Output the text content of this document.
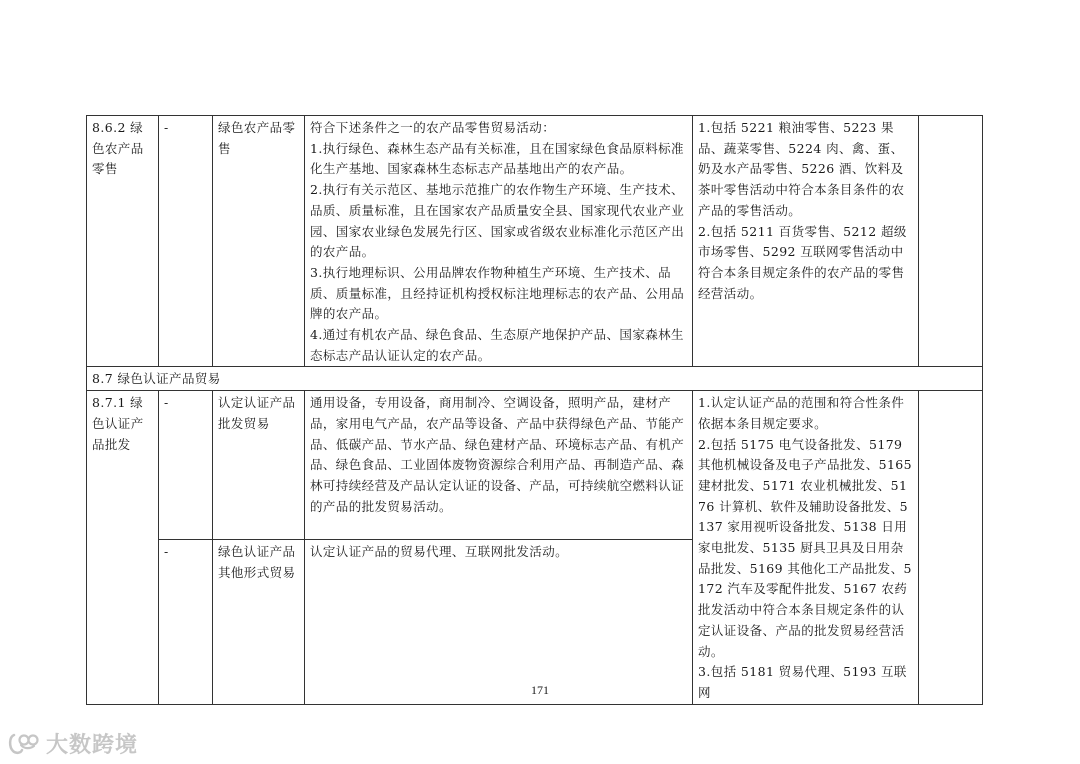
8.6.2 绿色农产品零售	-	绿色农产品零售	符合下述条件之一的农产品零售贸易活动：
1.执行绿色、森林生态产品有关标准，且在国家绿色食品原料标准化生产基地、国家森林生态标志产品基地出产的农产品。
2.执行有关示范区、基地示范推广的农作物生产环境、生产技术、品质、质量标准，且在国家农产品质量安全县、国家现代农业产业园、国家农业绿色发展先行区、国家或省级农业标准化示范区产出的农产品。
3.执行地理标识、公用品牌农作物种植生产环境、生产技术、品质、质量标准，且经持证机构授权标注地理标志的农产品、公用品牌的农产品。
4.通过有机农产品、绿色食品、生态原产地保护产品、国家森林生态标志产品认证认定的农产品。	1.包括 5221 粮油零售、5223 果品、蔬菜零售、5224 肉、禽、蛋、奶及水产品零售、5226 酒、饮料及茶叶零售活动中符合本条目条件的农产品的零售活动。
2.包括 5211 百货零售、5212 超级市场零售、5292 互联网零售活动中符合本条目规定条件的农产品的零售经营活动。	
8.7 绿色认证产品贸易					
8.7.1 绿色认证产品批发	-	认定认证产品批发贸易	通用设备，专用设备，商用制冷、空调设备，照明产品，建材产品，家用电气产品，农产品等设备、产品中获得绿色产品、节能产品、低碳产品、节水产品、绿色建材产品、环境标志产品、有机产品、绿色食品、工业固体废物资源综合利用产品、再制造产品、森林可持续经营及产品认定认证的设备、产品，可持续航空燃料认证的产品的批发贸易活动。	1.认定认证产品的范围和符合性条件依据本条目规定要求。
2.包括 5175 电气设备批发、5179 其他机械设备及电子产品批发、5165 建材批发、5171 农业机械批发、5176 计算机、软件及辅助设备批发、5137 家用视听设备批发、5138 日用家电批发、5135 厨具卫具及日用杂品批发、5169 其他化工产品批发、5172 汽车及零配件批发、5167 农药批发活动中符合本条目规定条件的认定认证设备、产品的批发贸易经营活动。
3.包括 5181 贸易代理、5193 互联网	
	-	绿色认证产品其他形式贸易	认定认证产品的贸易代理、互联网批发活动。		
171
大数跨境
